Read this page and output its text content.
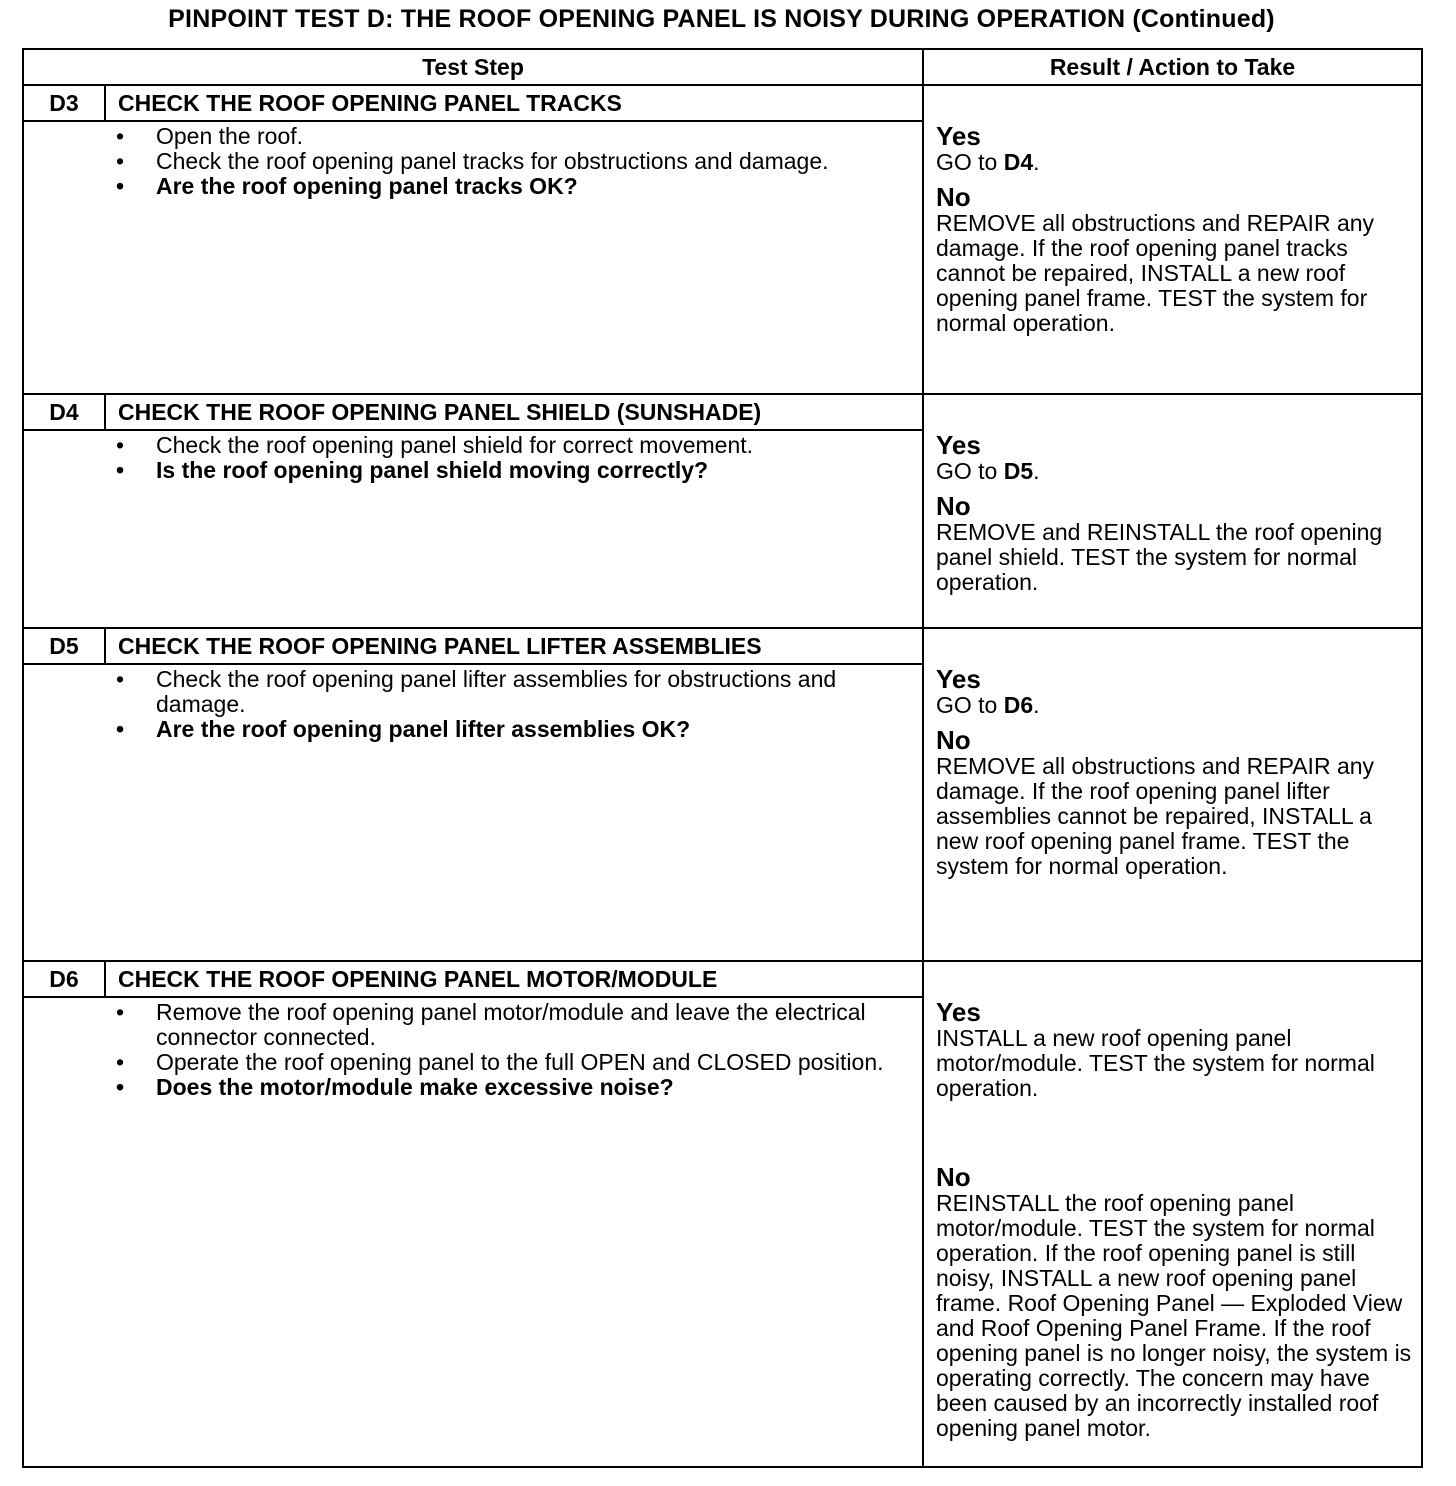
PINPOINT TEST D: THE ROOF OPENING PANEL IS NOISY DURING OPERATION (Continued)
Test Step	Result / Action to Take
D3	CHECK THE ROOF OPENING PANEL TRACKS
• Open the roof.
• Check the roof opening panel tracks for obstructions and damage.
• Are the roof opening panel tracks OK?
Yes
GO to D4.
No
REMOVE all obstructions and REPAIR any damage. If the roof opening panel tracks cannot be repaired, INSTALL a new roof opening panel frame. TEST the system for normal operation.
D4	CHECK THE ROOF OPENING PANEL SHIELD (SUNSHADE)
• Check the roof opening panel shield for correct movement.
• Is the roof opening panel shield moving correctly?
Yes
GO to D5.
No
REMOVE and REINSTALL the roof opening panel shield. TEST the system for normal operation.
D5	CHECK THE ROOF OPENING PANEL LIFTER ASSEMBLIES
• Check the roof opening panel lifter assemblies for obstructions and damage.
• Are the roof opening panel lifter assemblies OK?
Yes
GO to D6.
No
REMOVE all obstructions and REPAIR any damage. If the roof opening panel lifter assemblies cannot be repaired, INSTALL a new roof opening panel frame. TEST the system for normal operation.
D6	CHECK THE ROOF OPENING PANEL MOTOR/MODULE
• Remove the roof opening panel motor/module and leave the electrical connector connected.
• Operate the roof opening panel to the full OPEN and CLOSED position.
• Does the motor/module make excessive noise?
Yes
INSTALL a new roof opening panel motor/module. TEST the system for normal operation.
No
REINSTALL the roof opening panel motor/module. TEST the system for normal operation. If the roof opening panel is still noisy, INSTALL a new roof opening panel frame. Roof Opening Panel — Exploded View and Roof Opening Panel Frame. If the roof opening panel is no longer noisy, the system is operating correctly. The concern may have been caused by an incorrectly installed roof opening panel motor.
